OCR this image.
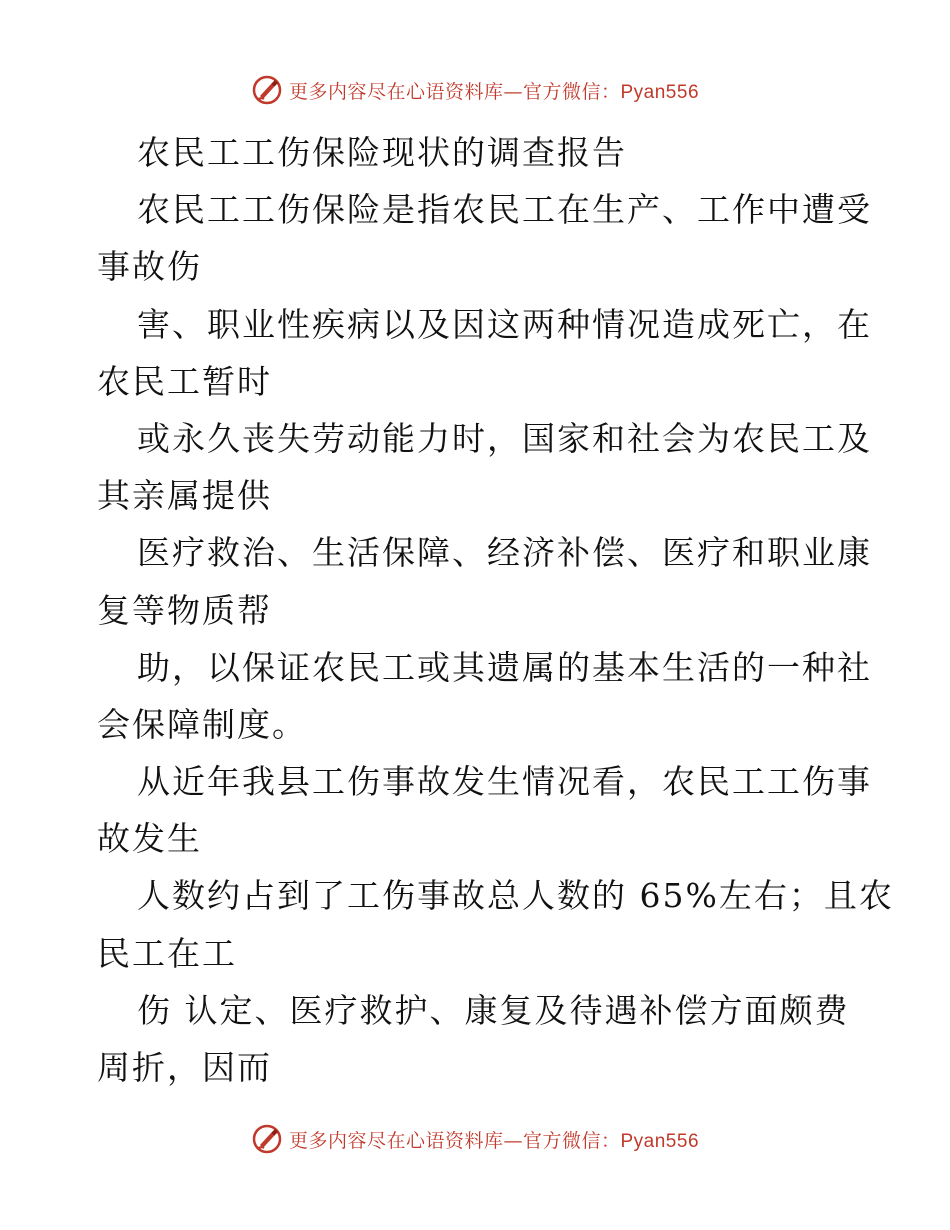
更多内容尽在心语资料库—官方微信：Pyan556
农民工工伤保险现状的调查报告
农民工工伤保险是指农民工在生产、工作中遭受
事故伤
害、职业性疾病以及因这两种情况造成死亡，在
农民工暂时
或永久丧失劳动能力时，国家和社会为农民工及
其亲属提供
医疗救治、生活保障、经济补偿、医疗和职业康
复等物质帮
助，以保证农民工或其遗属的基本生活的一种社
会保障制度。
从近年我县工伤事故发生情况看，农民工工伤事
故发生
人数约占到了工伤事故总人数的 65%左右；且农
民工在工
伤 认定、医疗救护、康复及待遇补偿方面颇费
周折，因而
更多内容尽在心语资料库—官方微信：Pyan556
